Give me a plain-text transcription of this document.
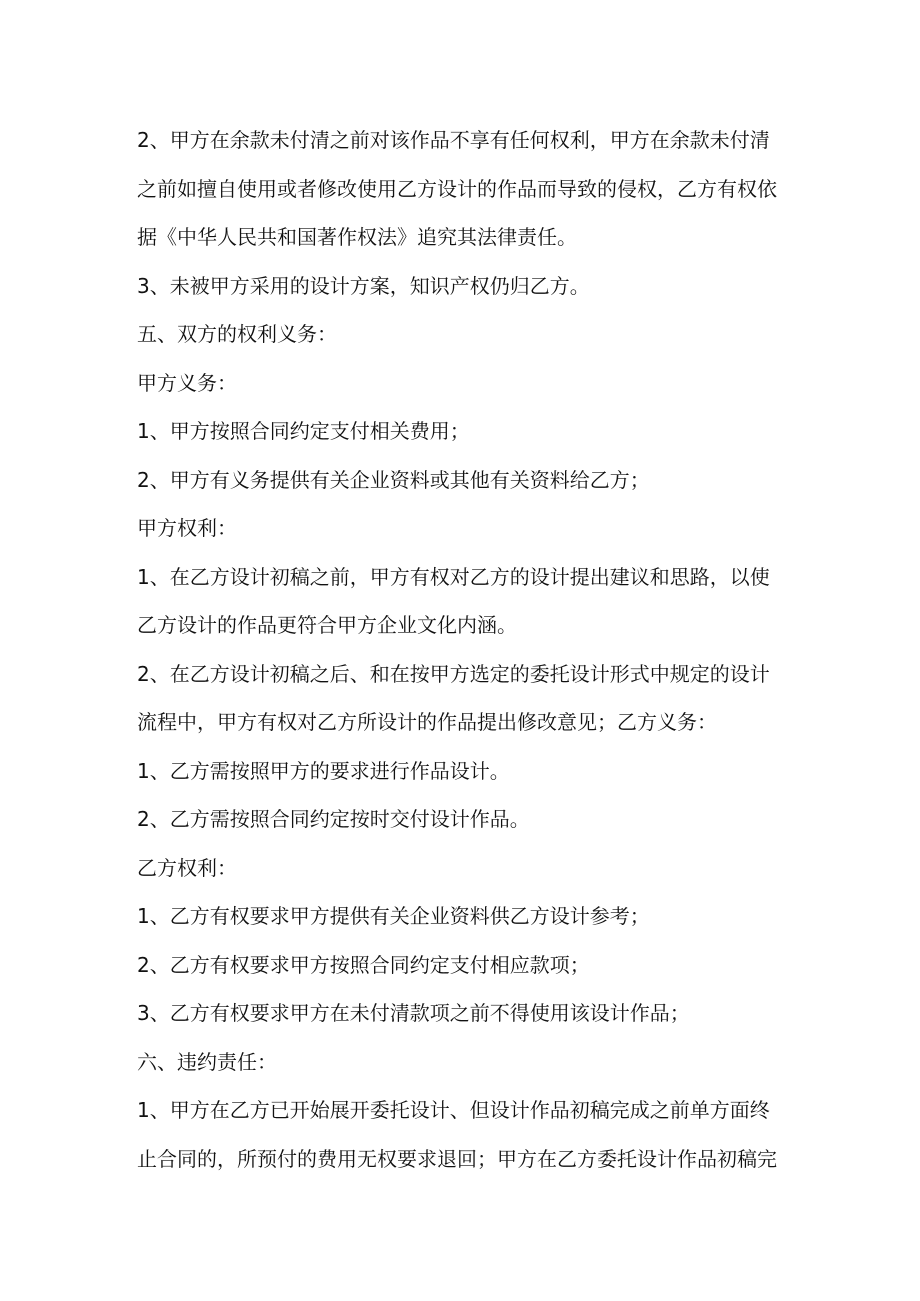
2、甲方在余款未付清之前对该作品不享有任何权利，甲方在余款未付清
之前如擅自使用或者修改使用乙方设计的作品而导致的侵权，乙方有权依
据《中华人民共和国著作权法》追究其法律责任。
3、未被甲方采用的设计方案，知识产权仍归乙方。
五、双方的权利义务：
甲方义务：
1、甲方按照合同约定支付相关费用；
2、甲方有义务提供有关企业资料或其他有关资料给乙方；
甲方权利：
1、在乙方设计初稿之前，甲方有权对乙方的设计提出建议和思路，以使
乙方设计的作品更符合甲方企业文化内涵。
2、在乙方设计初稿之后、和在按甲方选定的委托设计形式中规定的设计
流程中，甲方有权对乙方所设计的作品提出修改意见；乙方义务：
1、乙方需按照甲方的要求进行作品设计。
2、乙方需按照合同约定按时交付设计作品。
乙方权利：
1、乙方有权要求甲方提供有关企业资料供乙方设计参考；
2、乙方有权要求甲方按照合同约定支付相应款项；
3、乙方有权要求甲方在未付清款项之前不得使用该设计作品；
六、违约责任：
1、甲方在乙方已开始展开委托设计、但设计作品初稿完成之前单方面终
止合同的，所预付的费用无权要求退回；甲方在乙方委托设计作品初稿完
